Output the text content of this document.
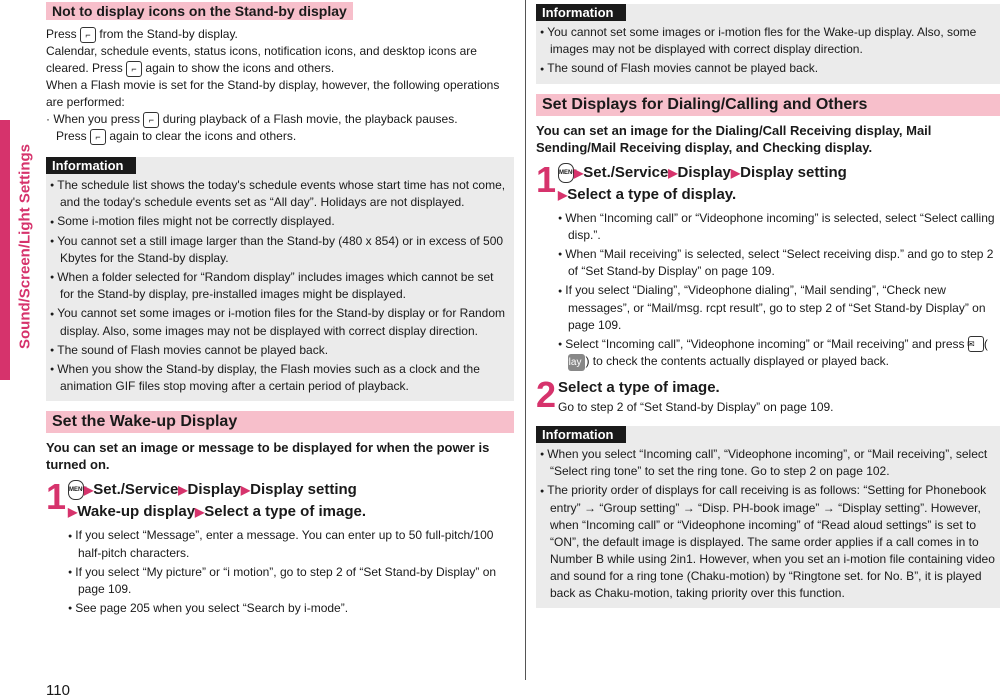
Sound/Screen/Light Settings
110
Not to display icons on the Stand-by display

Press ⌐ from the Stand-by display.

Calendar, schedule events, status icons, notification icons, and desktop icons are cleared. Press ⌐ again to show the icons and others.

When a Flash movie is set for the Stand-by display, however, the following operations are performed:

· When you press ⌐ during playback of a Flash movie, the playback pauses.

Press ⌐ again to clear the icons and others.

Information
● The schedule list shows the today's schedule events whose start time has not come, and the today's schedule events set as “All day”. Holidays are not displayed.
● Some i-motion files might not be correctly displayed.
● You cannot set a still image larger than the Stand-by (480 x 854) or in excess of 500 Kbytes for the Stand-by display.
● When a folder selected for “Random display” includes images which cannot be set for the Stand-by display, pre-installed images might be displayed.
● You cannot set some images or i-motion files for the Stand-by display or for Random display. Also, some images may not be displayed with correct display direction.
● The sound of Flash movies cannot be played back.
● When you show the Stand-by display, the Flash movies such as a clock and the animation GIF files stop moving after a certain period of playback.
Set the Wake-up Display

You can set an image or message to be displayed for when the power is turned on.

1 MENU▶Set./Service▶Display▶Display setting
▶Wake-up display▶Select a type of image.
● If you select “Message”, enter a message. You can enter up to 50 full-pitch/100 half-pitch characters.
● If you select “My picture” or “i motion”, go to step 2 of “Set Stand-by Display” on page 109.
● See page 205 when you select “Search by i-mode”.
Information
● You cannot set some images or i-motion fles for the Wake-up display. Also, some images may not be displayed with correct display direction.
● The sound of Flash movies cannot be played back.
Set Displays for Dialing/Calling and Others

You can set an image for the Dialing/Call Receiving display, Mail Sending/Mail Receiving display, and Checking display.

1 MENU▶Set./Service▶Display▶Display setting
▶Select a type of display.
● When “Incoming call” or “Videophone incoming” is selected, select “Select calling disp.”.
● When “Mail receiving” is selected, select “Select receiving disp.” and go to step 2 of “Set Stand-by Display” on page 109.
● If you select “Dialing”, “Videophone dialing”, “Mail sending”, “Check new messages”, or “Mail/msg. rcpt result”, go to step 2 of “Set Stand-by Display” on page 109.
● Select “Incoming call”, “Videophone incoming” or “Mail receiving” and press ✉ (Play ) to check the contents actually displayed or played back.
2 Select a type of image.

Go to step 2 of “Set Stand-by Display” on page 109.

Information
● When you select “Incoming call”, “Videophone incoming”, or “Mail receiving”, select “Select ring tone” to set the ring tone. Go to step 2 on page 102.
● The priority order of displays for call receiving is as follows: “Setting for Phonebook entry” → “Group setting” → “Disp. PH-book image” → “Display setting”. However, when “Incoming call” or “Videophone incoming” of “Read aloud settings” is set to “ON”, the default image is displayed. The same order applies if a call comes in to Number B while using 2in1. However, when you set an i-motion file containing video and sound for a ring tone (Chaku-motion) by “Ringtone set. for No. B”, it is played back as Chaku-motion, taking priority over this function.
